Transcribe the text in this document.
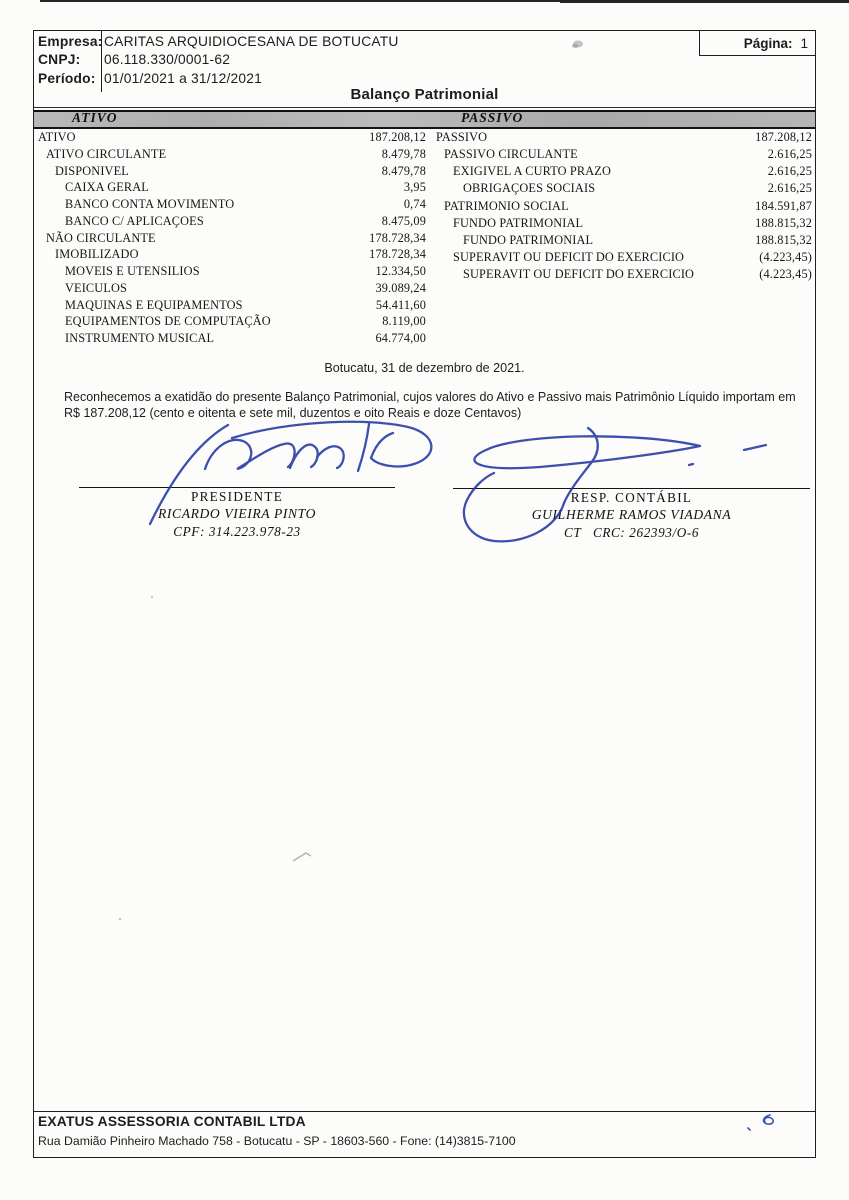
Empresa: CARITAS ARQUIDIOCESANA DE BOTUCATU
CNPJ:	06.118.330/0001-62
Período: 01/01/2021 a 31/12/2021
Página: 1
Balanço Patrimonial
ATIVO	PASSIVO
ATIVO	187.208,12
ATIVO CIRCULANTE	8.479,78
DISPONIVEL	8.479,78
CAIXA GERAL	3,95
BANCO CONTA MOVIMENTO	0,74
BANCO C/ APLICAÇOES	8.475,09
NÃO CIRCULANTE	178.728,34
IMOBILIZADO	178.728,34
MOVEIS E UTENSILIOS	12.334,50
VEICULOS	39.089,24
MAQUINAS E EQUIPAMENTOS	54.411,60
EQUIPAMENTOS DE COMPUTAÇÃO	8.119,00
INSTRUMENTO MUSICAL	64.774,00
PASSIVO	187.208,12
PASSIVO CIRCULANTE	2.616,25
EXIGIVEL A CURTO PRAZO	2.616,25
OBRIGAÇOES SOCIAIS	2.616,25
PATRIMONIO SOCIAL	184.591,87
FUNDO PATRIMONIAL	188.815,32
FUNDO PATRIMONIAL	188.815,32
SUPERAVIT OU DEFICIT DO EXERCICIO	(4.223,45)
SUPERAVIT OU DEFICIT DO EXERCICIO	(4.223,45)
Botucatu, 31 de dezembro de 2021.
Reconhecemos a exatidão do presente Balanço Patrimonial, cujos valores do Ativo e Passivo mais Patrimônio Líquido importam em R$ 187.208,12 (cento e oitenta e sete mil, duzentos e oito Reais e doze Centavos)
PRESIDENTE
RICARDO VIEIRA PINTO
CPF: 314.223.978-23
RESP. CONTÁBIL
GUILHERME RAMOS VIADANA
CT   CRC: 262393/O-6
EXATUS ASSESSORIA CONTABIL LTDA
Rua Damião Pinheiro Machado 758 - Botucatu - SP - 18603-560 - Fone: (14)3815-7100
